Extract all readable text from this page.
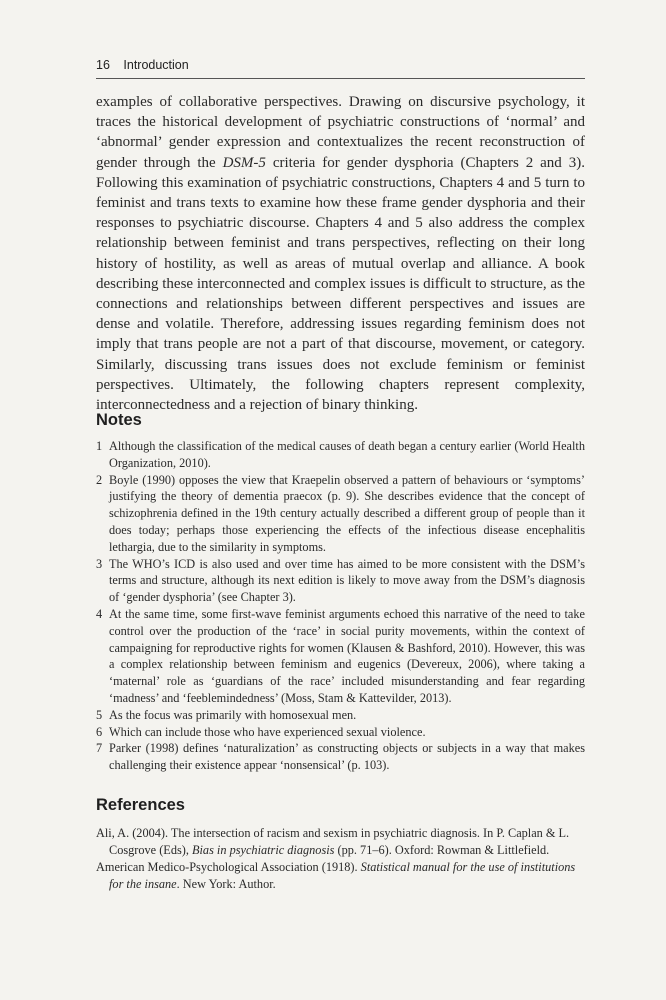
16 Introduction

examples of collaborative perspectives. Drawing on discursive psychology, it traces the historical development of psychiatric constructions of ‘normal’ and ‘abnormal’ gender expression and contextualizes the recent reconstruction of gender through the DSM-5 criteria for gender dysphoria (Chapters 2 and 3). Following this examination of psychiatric constructions, Chapters 4 and 5 turn to feminist and trans texts to examine how these frame gender dysphoria and their responses to psychiatric discourse. Chapters 4 and 5 also address the complex relationship between feminist and trans perspectives, reflecting on their long history of hostility, as well as areas of mutual overlap and alliance. A book describing these interconnected and complex issues is difficult to structure, as the connections and relationships between different perspectives and issues are dense and volatile. Therefore, addressing issues regarding feminism does not imply that trans people are not a part of that discourse, movement, or category. Similarly, discussing trans issues does not exclude feminism or feminist perspectives. Ultimately, the following chapters represent complexity, interconnectedness and a rejection of binary thinking.

Notes
1 Although the classification of the medical causes of death began a century earlier (World Health Organization, 2010).
2 Boyle (1990) opposes the view that Kraepelin observed a pattern of behaviours or ‘symptoms’ justifying the theory of dementia praecox (p. 9). She describes evidence that the concept of schizophrenia defined in the 19th century actually described a different group of people than it does today; perhaps those experiencing the effects of the infectious disease encephalitis lethargia, due to the similarity in symptoms.
3 The WHO’s ICD is also used and over time has aimed to be more consistent with the DSM’s terms and structure, although its next edition is likely to move away from the DSM’s diagnosis of ‘gender dysphoria’ (see Chapter 3).
4 At the same time, some first-wave feminist arguments echoed this narrative of the need to take control over the production of the ‘race’ in social purity movements, within the context of campaigning for reproductive rights for women (Klausen & Bashford, 2010). However, this was a complex relationship between feminism and eugenics (Devereux, 2006), where taking a ‘maternal’ role as ‘guardians of the race’ included misunderstanding and fear regarding ‘madness’ and ‘feeblemindedness’ (Moss, Stam & Kattevilder, 2013).
5 As the focus was primarily with homosexual men.
6 Which can include those who have experienced sexual violence.
7 Parker (1998) defines ‘naturalization’ as constructing objects or subjects in a way that makes challenging their existence appear ‘nonsensical’ (p. 103).
References

Ali, A. (2004). The intersection of racism and sexism in psychiatric diagnosis. In P. Caplan & L. Cosgrove (Eds), Bias in psychiatric diagnosis (pp. 71–6). Oxford: Rowman & Littlefield.

American Medico-Psychological Association (1918). Statistical manual for the use of institutions for the insane. New York: Author.
